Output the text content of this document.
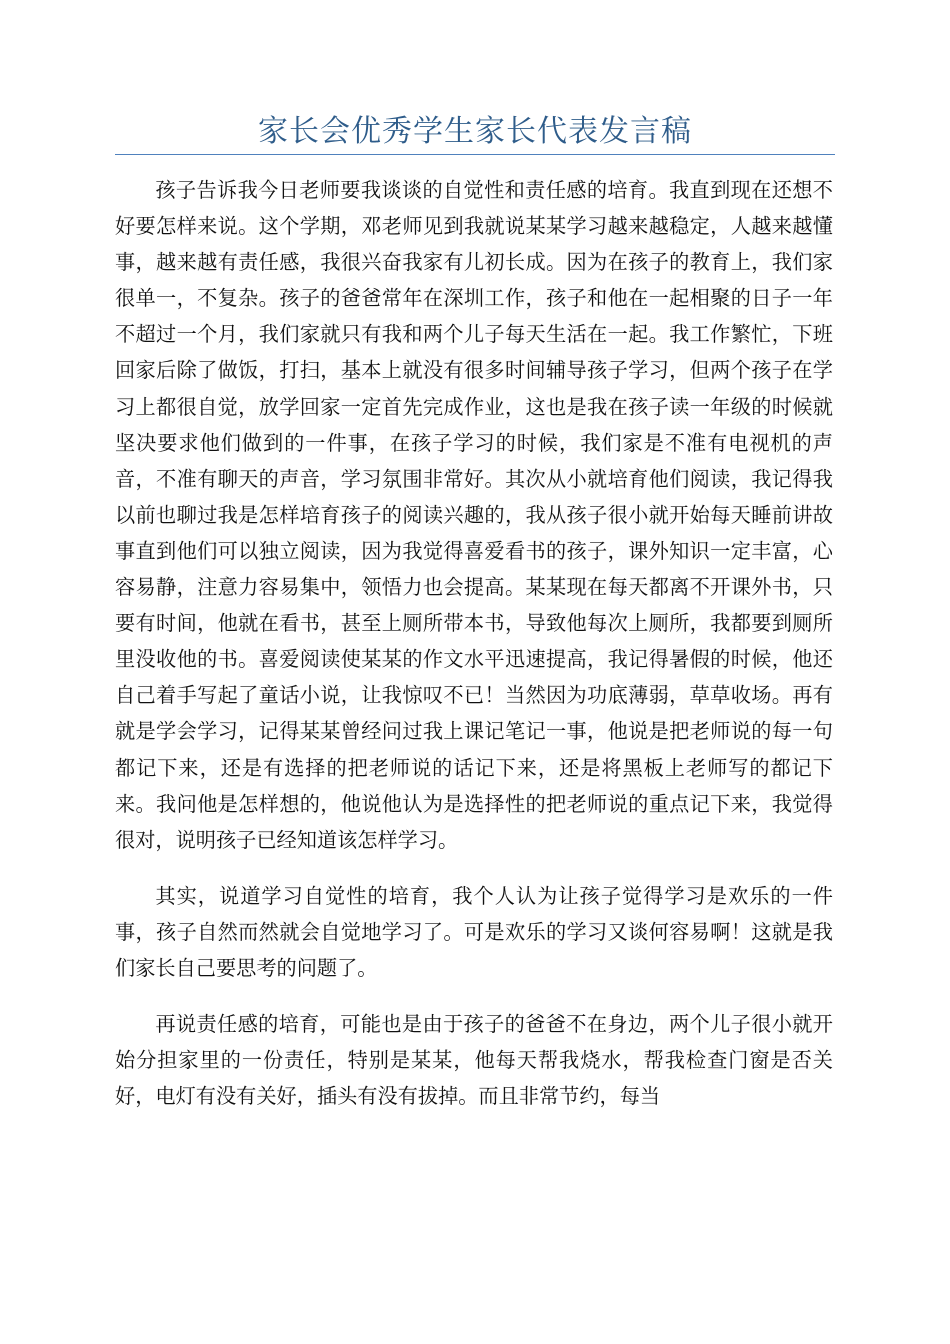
家长会优秀学生家长代表发言稿

孩子告诉我今日老师要我谈谈的自觉性和责任感的培育。我直到现在还想不好要怎样来说。这个学期，邓老师见到我就说某某学习越来越稳定，人越来越懂事，越来越有责任感，我很兴奋我家有儿初长成。因为在孩子的教育上，我们家很单一，不复杂。孩子的爸爸常年在深圳工作，孩子和他在一起相聚的日子一年不超过一个月，我们家就只有我和两个儿子每天生活在一起。我工作繁忙，下班回家后除了做饭，打扫，基本上就没有很多时间辅导孩子学习，但两个孩子在学习上都很自觉，放学回家一定首先完成作业，这也是我在孩子读一年级的时候就坚决要求他们做到的一件事，在孩子学习的时候，我们家是不准有电视机的声音，不准有聊天的声音，学习氛围非常好。其次从小就培育他们阅读，我记得我以前也聊过我是怎样培育孩子的阅读兴趣的，我从孩子很小就开始每天睡前讲故事直到他们可以独立阅读，因为我觉得喜爱看书的孩子，课外知识一定丰富，心容易静，注意力容易集中，领悟力也会提高。某某现在每天都离不开课外书，只要有时间，他就在看书，甚至上厕所带本书，导致他每次上厕所，我都要到厕所里没收他的书。喜爱阅读使某某的作文水平迅速提高，我记得暑假的时候，他还自己着手写起了童话小说，让我惊叹不已！当然因为功底薄弱，草草收场。再有就是学会学习，记得某某曾经问过我上课记笔记一事，他说是把老师说的每一句都记下来，还是有选择的把老师说的话记下来，还是将黑板上老师写的都记下来。我问他是怎样想的，他说他认为是选择性的把老师说的重点记下来，我觉得很对，说明孩子已经知道该怎样学习。

其实，说道学习自觉性的培育，我个人认为让孩子觉得学习是欢乐的一件事，孩子自然而然就会自觉地学习了。可是欢乐的学习又谈何容易啊！这就是我们家长自己要思考的问题了。

再说责任感的培育，可能也是由于孩子的爸爸不在身边，两个儿子很小就开始分担家里的一份责任，特别是某某，他每天帮我烧水，帮我检查门窗是否关好，电灯有没有关好，插头有没有拔掉。而且非常节约，每当
